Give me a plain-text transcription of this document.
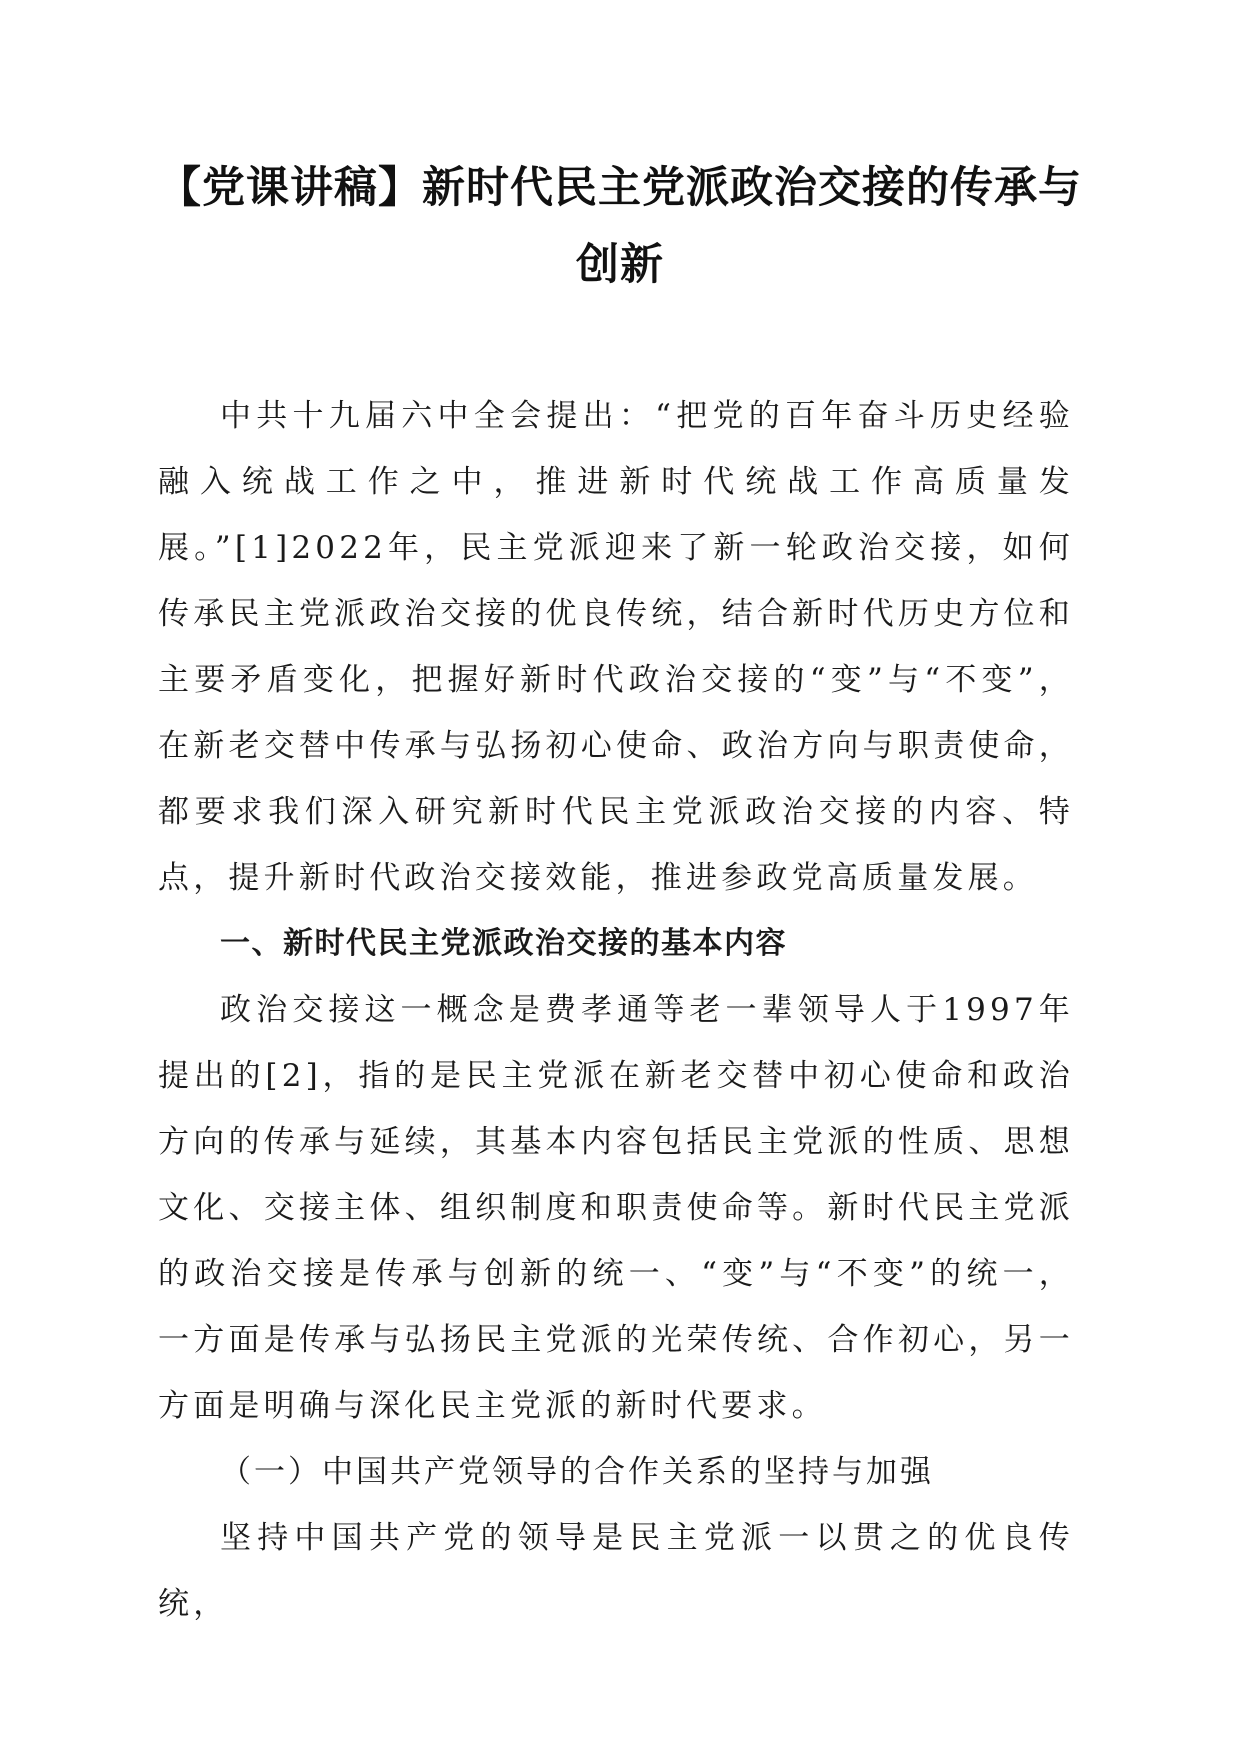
【党课讲稿】新时代民主党派政治交接的传承与创新

中共十九届六中全会提出：“把党的百年奋斗历史经验融入统战工作之中，推进新时代统战工作高质量发展。”[1]2022年，民主党派迎来了新一轮政治交接，如何传承民主党派政治交接的优良传统，结合新时代历史方位和主要矛盾变化，把握好新时代政治交接的“变”与“不变”，在新老交替中传承与弘扬初心使命、政治方向与职责使命，都要求我们深入研究新时代民主党派政治交接的内容、特点，提升新时代政治交接效能，推进参政党高质量发展。

一、新时代民主党派政治交接的基本内容

政治交接这一概念是费孝通等老一辈领导人于1997年提出的[2]，指的是民主党派在新老交替中初心使命和政治方向的传承与延续，其基本内容包括民主党派的性质、思想文化、交接主体、组织制度和职责使命等。新时代民主党派的政治交接是传承与创新的统一、“变”与“不变”的统一，一方面是传承与弘扬民主党派的光荣传统、合作初心，另一方面是明确与深化民主党派的新时代要求。

（一）中国共产党领导的合作关系的坚持与加强

坚持中国共产党的领导是民主党派一以贯之的优良传统，
